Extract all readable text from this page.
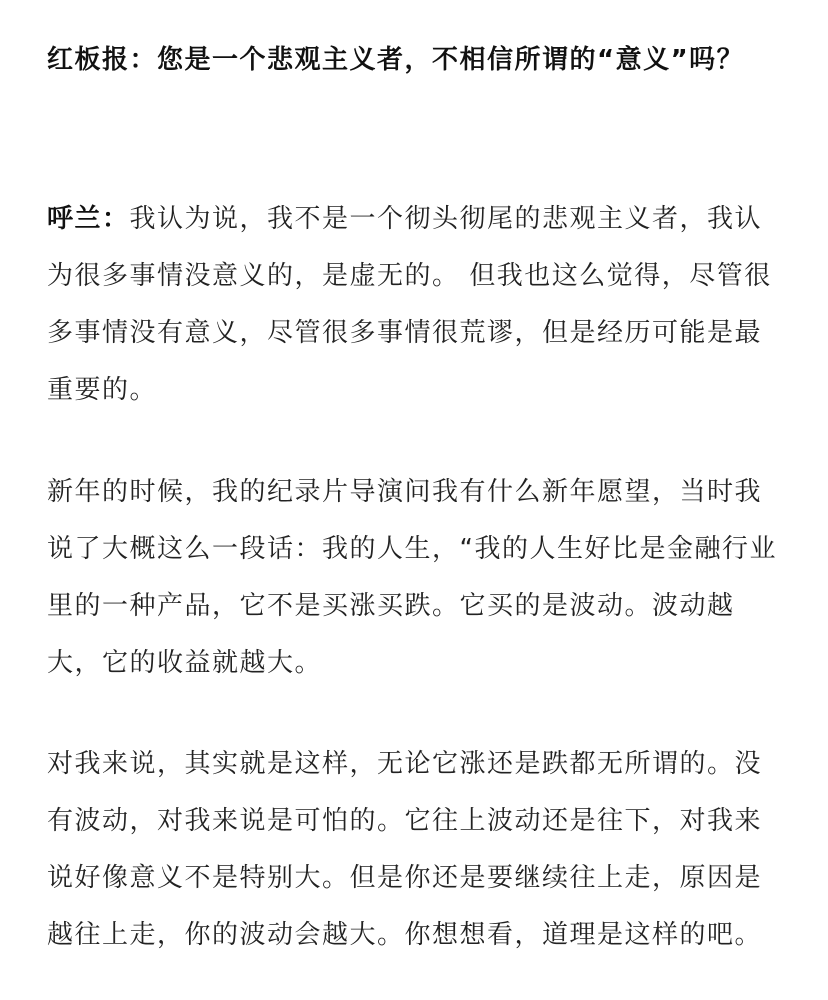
红板报：您是一个悲观主义者，不相信所谓的“意义”吗？

呼兰：我认为说，我不是一个彻头彻尾的悲观主义者，我认为很多事情没意义的，是虚无的。 但我也这么觉得，尽管很多事情没有意义，尽管很多事情很荒谬，但是经历可能是最重要的。

新年的时候，我的纪录片导演问我有什么新年愿望，当时我说了大概这么一段话：我的人生，“我的人生好比是金融行业里的一种产品，它不是买涨买跌。它买的是波动。波动越大，它的收益就越大。

对我来说，其实就是这样，无论它涨还是跌都无所谓的。没有波动，对我来说是可怕的。它往上波动还是往下，对我来说好像意义不是特别大。但是你还是要继续往上走，原因是越往上走，你的波动会越大。你想想看，道理是这样的吧。
